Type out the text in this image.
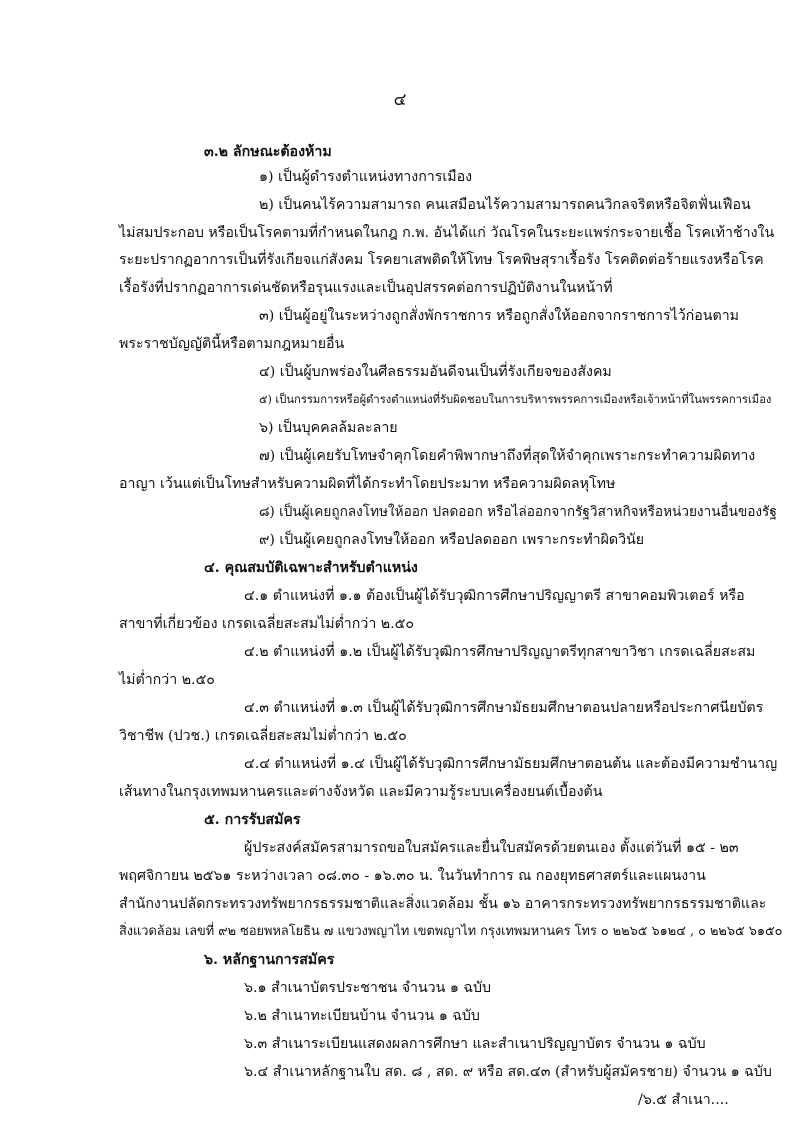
๔
๓.๒ ลักษณะต้องห้าม
๑) เป็นผู้ดำรงตำแหน่งทางการเมือง
๒) เป็นคนไร้ความสามารถ คนเสมือนไร้ความสามารถคนวิกลจริตหรือจิตฟั่นเฟือน
ไม่สมประกอบ หรือเป็นโรคตามที่กำหนดในกฎ ก.พ. อันได้แก่ วัณโรคในระยะแพร่กระจายเชื้อ โรคเท้าช้างใน
ระยะปรากฏอาการเป็นที่รังเกียจแก่สังคม โรคยาเสพติดให้โทษ โรคพิษสุราเรื้อรัง โรคติดต่อร้ายแรงหรือโรค
เรื้อรังที่ปรากฏอาการเด่นชัดหรือรุนแรงและเป็นอุปสรรคต่อการปฏิบัติงานในหน้าที่
๓) เป็นผู้อยู่ในระหว่างถูกสั่งพักราชการ หรือถูกสั่งให้ออกจากราชการไว้ก่อนตาม
พระราชบัญญัตินี้หรือตามกฎหมายอื่น
๔) เป็นผู้บกพร่องในศีลธรรมอันดีจนเป็นที่รังเกียจของสังคม
๕) เป็นกรรมการหรือผู้ดำรงตำแหน่งที่รับผิดชอบในการบริหารพรรคการเมืองหรือเจ้าหน้าที่ในพรรคการเมือง
๖) เป็นบุคคลล้มละลาย
๗) เป็นผู้เคยรับโทษจำคุกโดยคำพิพากษาถึงที่สุดให้จำคุกเพราะกระทำความผิดทาง
อาญา เว้นแต่เป็นโทษสำหรับความผิดที่ได้กระทำโดยประมาท หรือความผิดลหุโทษ
๘) เป็นผู้เคยถูกลงโทษให้ออก ปลดออก หรือไล่ออกจากรัฐวิสาหกิจหรือหน่วยงานอื่นของรัฐ
๙) เป็นผู้เคยถูกลงโทษให้ออก หรือปลดออก เพราะกระทำผิดวินัย
๔. คุณสมบัติเฉพาะสำหรับตำแหน่ง
๔.๑ ตำแหน่งที่ ๑.๑ ต้องเป็นผู้ได้รับวุฒิการศึกษาปริญญาตรี สาขาคอมพิวเตอร์ หรือ
สาขาที่เกี่ยวข้อง เกรดเฉลี่ยสะสมไม่ต่ำกว่า ๒.๕๐
๔.๒ ตำแหน่งที่ ๑.๒ เป็นผู้ได้รับวุฒิการศึกษาปริญญาตรีทุกสาขาวิชา เกรดเฉลี่ยสะสม
ไม่ต่ำกว่า ๒.๕๐
๔.๓ ตำแหน่งที่ ๑.๓ เป็นผู้ได้รับวุฒิการศึกษามัธยมศึกษาตอนปลายหรือประกาศนียบัตร
วิชาชีพ (ปวช.) เกรดเฉลี่ยสะสมไม่ต่ำกว่า ๒.๕๐
๔.๔ ตำแหน่งที่ ๑.๔ เป็นผู้ได้รับวุฒิการศึกษามัธยมศึกษาตอนต้น และต้องมีความชำนาญ
เส้นทางในกรุงเทพมหานครและต่างจังหวัด และมีความรู้ระบบเครื่องยนต์เบื้องต้น
๕. การรับสมัคร
ผู้ประสงค์สมัครสามารถขอใบสมัครและยื่นใบสมัครด้วยตนเอง ตั้งแต่วันที่ ๑๕ - ๒๓
พฤศจิกายน ๒๕๖๑ ระหว่างเวลา ๐๘.๓๐ - ๑๖.๓๐ น. ในวันทำการ ณ กองยุทธศาสตร์และแผนงาน
สำนักงานปลัดกระทรวงทรัพยากรธรรมชาติและสิ่งแวดล้อม ชั้น ๑๖ อาคารกระทรวงทรัพยากรธรรมชาติและ
สิ่งแวดล้อม เลขที่ ๙๒ ซอยพหลโยธิน ๗ แขวงพญาไท เขตพญาไท กรุงเทพมหานคร โทร ๐ ๒๒๖๕ ๖๑๒๔ , ๐ ๒๒๖๕ ๖๑๕๐
๖. หลักฐานการสมัคร
๖.๑ สำเนาบัตรประชาชน จำนวน ๑ ฉบับ
๖.๒ สำเนาทะเบียนบ้าน จำนวน ๑ ฉบับ
๖.๓ สำเนาระเบียนแสดงผลการศึกษา และสำเนาปริญญาบัตร จำนวน ๑ ฉบับ
๖.๔ สำเนาหลักฐานใบ สด. ๘ , สด. ๙ หรือ สด.๔๓ (สำหรับผู้สมัครชาย) จำนวน ๑ ฉบับ
/๖.๕ สำเนา....
